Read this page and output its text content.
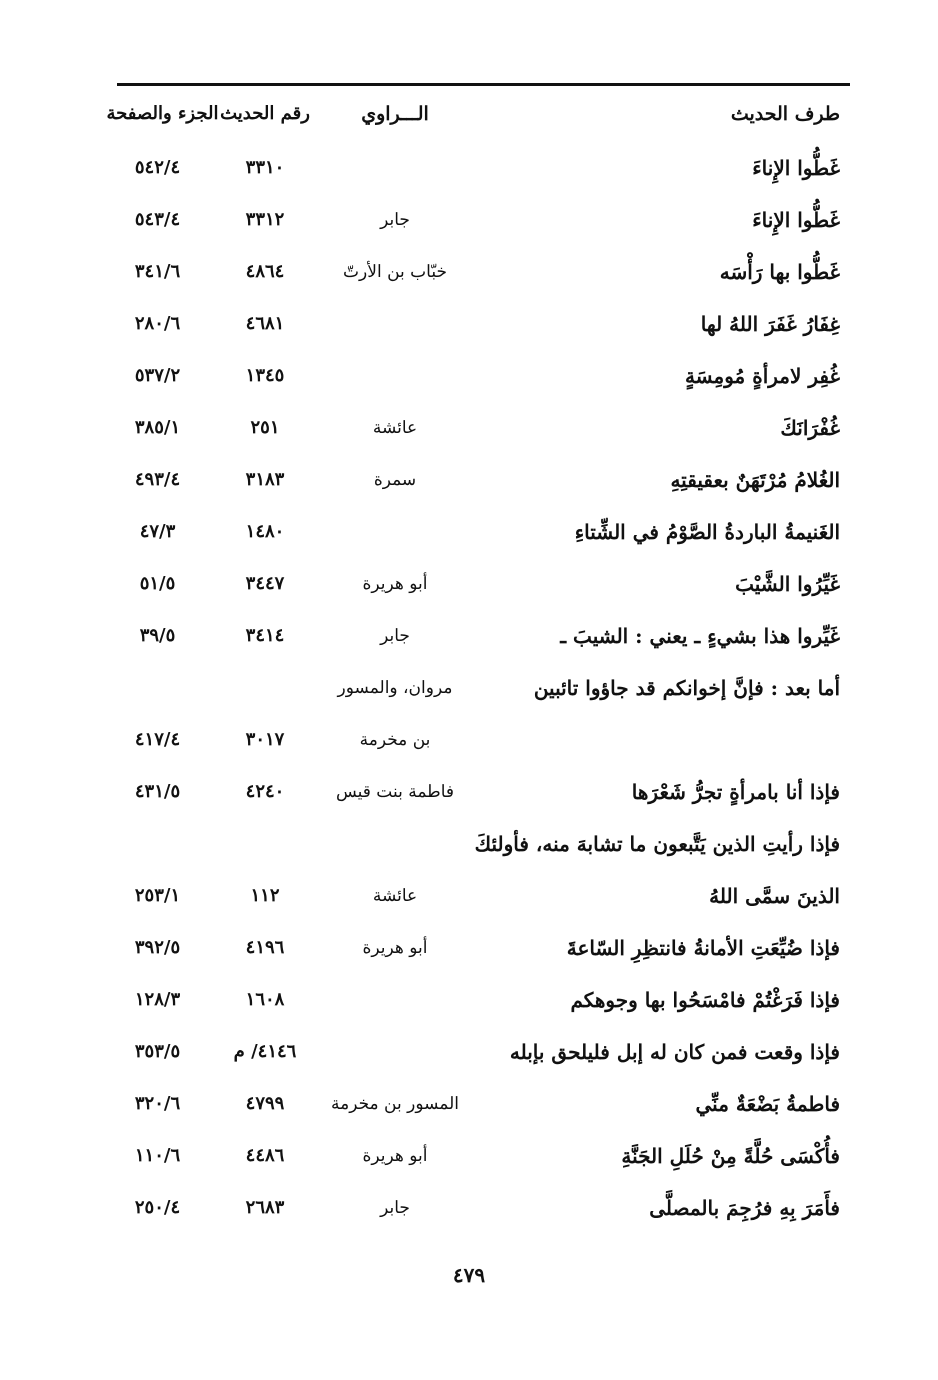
طرف الحديث
الـــراوي
رقم الحديث
الجزء والصفحة
غَطُّوا الإِناءَ
٣٣١٠
٥٤٢/٤
غَطُّوا الإِناءَ
جابر
٣٣١٢
٥٤٣/٤
غَطُّوا بها رَأْسَه
خبّاب بن الأرتّ
٤٨٦٤
٣٤١/٦
غِفَارُ غَفَرَ اللهُ لها
٤٦٨١
٢٨٠/٦
غُفِر لامرأةٍ مُومِسَةٍ
١٣٤٥
٥٣٧/٢
غُفْرَانَكَ
عائشة
٢٥١
٣٨٥/١
الغُلامُ مُرْتَهَنٌ بعقيقتِهِ
سمرة
٣١٨٣
٤٩٣/٤
الغَنيمةُ الباردةُ الصَّوْمُ في الشِّتاءِ
١٤٨٠
٤٧/٣
غَيِّرُوا الشَّيْبَ
أبو هريرة
٣٤٤٧
٥١/٥
غَيِّروا هذا بشيءٍ ـ يعني : الشيبَ ـ
جابر
٣٤١٤
٣٩/٥
أما بعد : فإنَّ إخوانكم قد جاؤوا تائبين
مروان، والمسور
بن مخرمة
٣٠١٧
٤١٧/٤
فإذا أنا بامرأةٍ تجرُّ شَعْرَها
فاطمة بنت قيس
٤٢٤٠
٤٣١/٥
فإذا رأيتِ الذين يَتَّبعون ما تشابهَ منه، فأولئكَ
الذينَ سمَّى اللهُ
عائشة
١١٢
٢٥٣/١
فإذا ضُيِّعَتِ الأمانةُ فانتظِرِ السّاعةَ
أبو هريرة
٤١٩٦
٣٩٢/٥
فإذا فَرَغْتُمْ فامْسَحُوا بها وجوهكم
١٦٠٨
١٢٨/٣
فإذا وقعت فمن كان له إبل فليلحق بإبله
٤١٤٦/ م
٣٥٣/٥
فاطمةُ بَضْعَةٌ منِّي
المسور بن مخرمة
٤٧٩٩
٣٢٠/٦
فأُكْسَى حُلَّةً مِنْ حُلَلِ الجَنَّةِ
أبو هريرة
٤٤٨٦
١١٠/٦
فأَمَرَ بِهِ فرُجِمَ بالمصلَّى
جابر
٢٦٨٣
٢٥٠/٤
٤٧٩
